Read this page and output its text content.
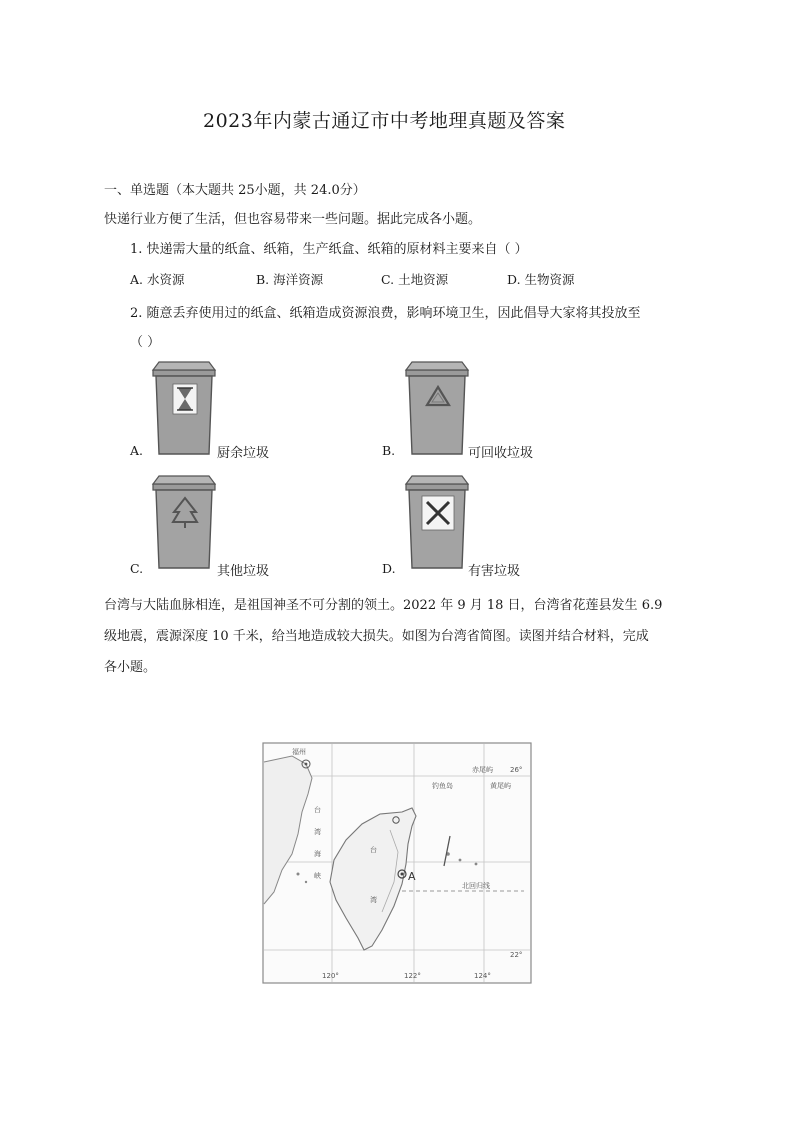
2023年内蒙古通辽市中考地理真题及答案
一、单选题（本大题共 25小题，共 24.0分）
快递行业方便了生活，但也容易带来一些问题。据此完成各小题。
1. 快递需大量的纸盒、纸箱，生产纸盒、纸箱的原材料主要来自（ ）
A. 水资源	B. 海洋资源	C. 土地资源	D. 生物资源
2. 随意丢弃使用过的纸盒、纸箱造成资源浪费，影响环境卫生，因此倡导大家将其投放至
（ ）
A.	厨余垃圾	B.	可回收垃圾
C.	其他垃圾	D.	有害垃圾
台湾与大陆血脉相连，是祖国神圣不可分割的领土。2022 年 9 月 18 日，台湾省花莲县发生 6.9
级地震，震源深度 10 千米，给当地造成较大损失。如图为台湾省简图。读图并结合材料，完成
各小题。
福州
赤尾屿
钓鱼岛	黄尾屿
台
湾
海
峡
台
湾
A
北回归线
26°
22°
120°	122°	124°
